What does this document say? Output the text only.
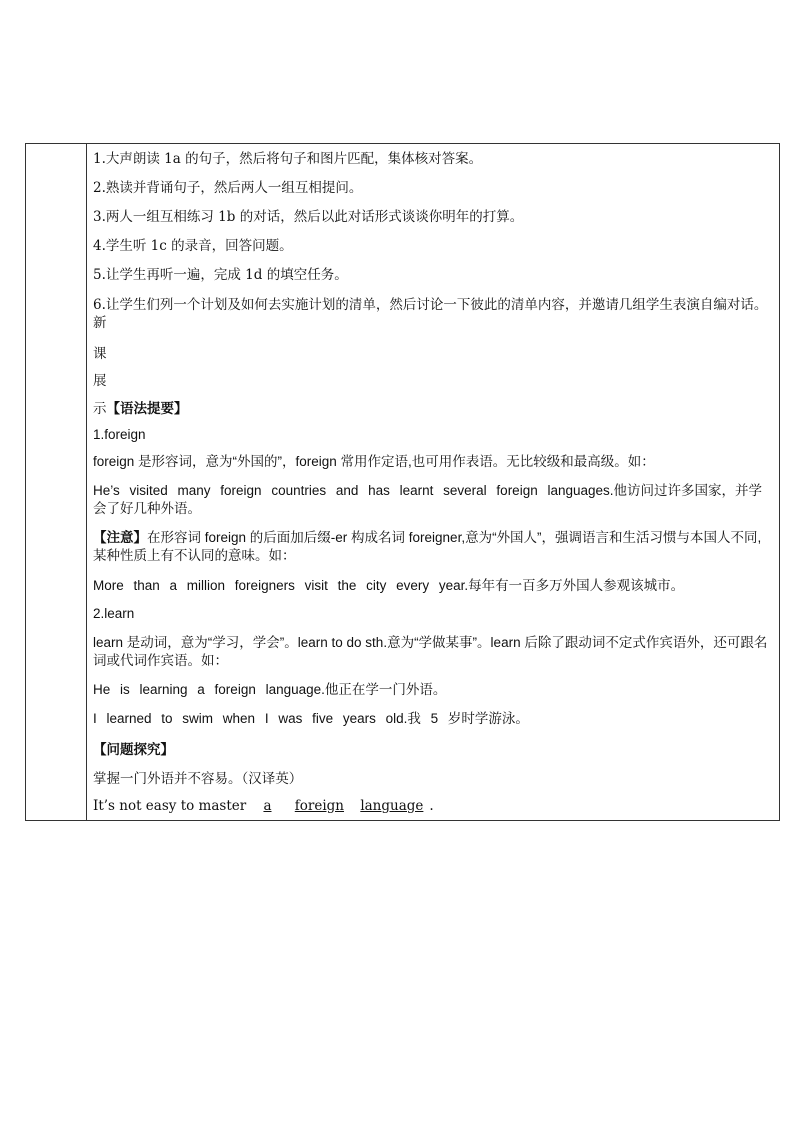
1.大声朗读 1a 的句子，然后将句子和图片匹配，集体核对答案。
2.熟读并背诵句子，然后两人一组互相提问。
3.两人一组互相练习 1b 的对话，然后以此对话形式谈谈你明年的打算。
4.学生听 1c 的录音，回答问题。
5.让学生再听一遍，完成 1d 的填空任务。
6.让学生们列一个计划及如何去实施计划的清单，然后讨论一下彼此的清单内容，并邀请几组学生表演自编对话。新
课
展
示【语法提要】
1.foreign
foreign 是形容词，意为“外国的”，foreign 常用作定语,也可用作表语。无比较级和最高级。如：
He’s visited many foreign countries and has learnt several foreign languages.他访问过许多国家，并学会了好几种外语。
【注意】在形容词 foreign 的后面加后缀-er 构成名词 foreigner,意为“外国人”，强调语言和生活习惯与本国人不同, 某种性质上有不认同的意味。如：
More than a million foreigners visit the city every year.每年有一百多万外国人参观该城市。
2.learn
learn 是动词，意为“学习，学会”。learn to do sth.意为“学做某事”。learn 后除了跟动词不定式作宾语外，还可跟名词或代词作宾语。如：
He is learning a foreign language.他正在学一门外语。
I learned to swim when I was five years old.我 5 岁时学游泳。
【问题探究】
掌握一门外语并不容易。（汉译英）
It’s not easy to master a foreign language .
